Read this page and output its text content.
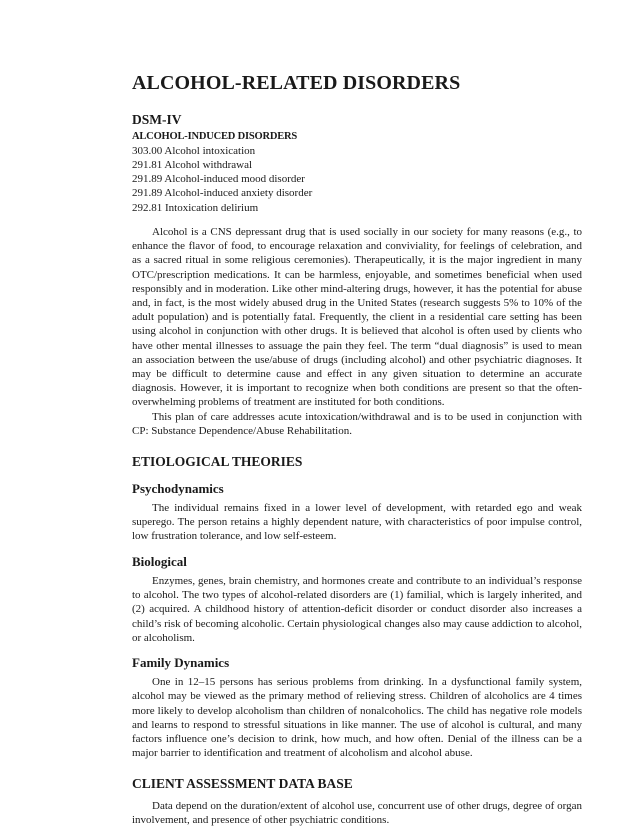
ALCOHOL-RELATED DISORDERS
DSM-IV
ALCOHOL-INDUCED DISORDERS
303.00 Alcohol intoxication
291.81 Alcohol withdrawal
291.89 Alcohol-induced mood disorder
291.89 Alcohol-induced anxiety disorder
292.81 Intoxication delirium

Alcohol is a CNS depressant drug that is used socially in our society for many reasons (e.g., to enhance the flavor of food, to encourage relaxation and conviviality, for feelings of celebration, and as a sacred ritual in some religious ceremonies). Therapeutically, it is the major ingredient in many OTC/prescription medications. It can be harmless, enjoyable, and sometimes beneficial when used responsibly and in moderation. Like other mind-altering drugs, however, it has the potential for abuse and, in fact, is the most widely abused drug in the United States (research suggests 5% to 10% of the adult population) and is potentially fatal. Frequently, the client in a residential care setting has been using alcohol in conjunction with other drugs. It is believed that alcohol is often used by clients who have other mental illnesses to assuage the pain they feel. The term “dual diagnosis” is used to mean an association between the use/abuse of drugs (including alcohol) and other psychiatric diagnoses. It may be difficult to determine cause and effect in any given situation to determine an accurate diagnosis. However, it is important to recognize when both conditions are present so that the often-overwhelming problems of treatment are instituted for both conditions.

This plan of care addresses acute intoxication/withdrawal and is to be used in conjunction with CP: Substance Dependence/Abuse Rehabilitation.

ETIOLOGICAL THEORIES
Psychodynamics

The individual remains fixed in a lower level of development, with retarded ego and weak superego. The person retains a highly dependent nature, with characteristics of poor impulse control, low frustration tolerance, and low self-esteem.

Biological

Enzymes, genes, brain chemistry, and hormones create and contribute to an individual’s response to alcohol. The two types of alcohol-related disorders are (1) familial, which is largely inherited, and (2) acquired. A childhood history of attention-deficit disorder or conduct disorder also increases a child’s risk of becoming alcoholic. Certain physiological changes also may cause addiction to alcohol, or alcoholism.

Family Dynamics

One in 12–15 persons has serious problems from drinking. In a dysfunctional family system, alcohol may be viewed as the primary method of relieving stress. Children of alcoholics are 4 times more likely to develop alcoholism than children of nonalcoholics. The child has negative role models and learns to respond to stressful situations in like manner. The use of alcohol is cultural, and many factors influence one’s decision to drink, how much, and how often. Denial of the illness can be a major barrier to identification and treatment of alcoholism and alcohol abuse.

CLIENT ASSESSMENT DATA BASE

Data depend on the duration/extent of alcohol use, concurrent use of other drugs, degree of organ involvement, and presence of other psychiatric conditions.
